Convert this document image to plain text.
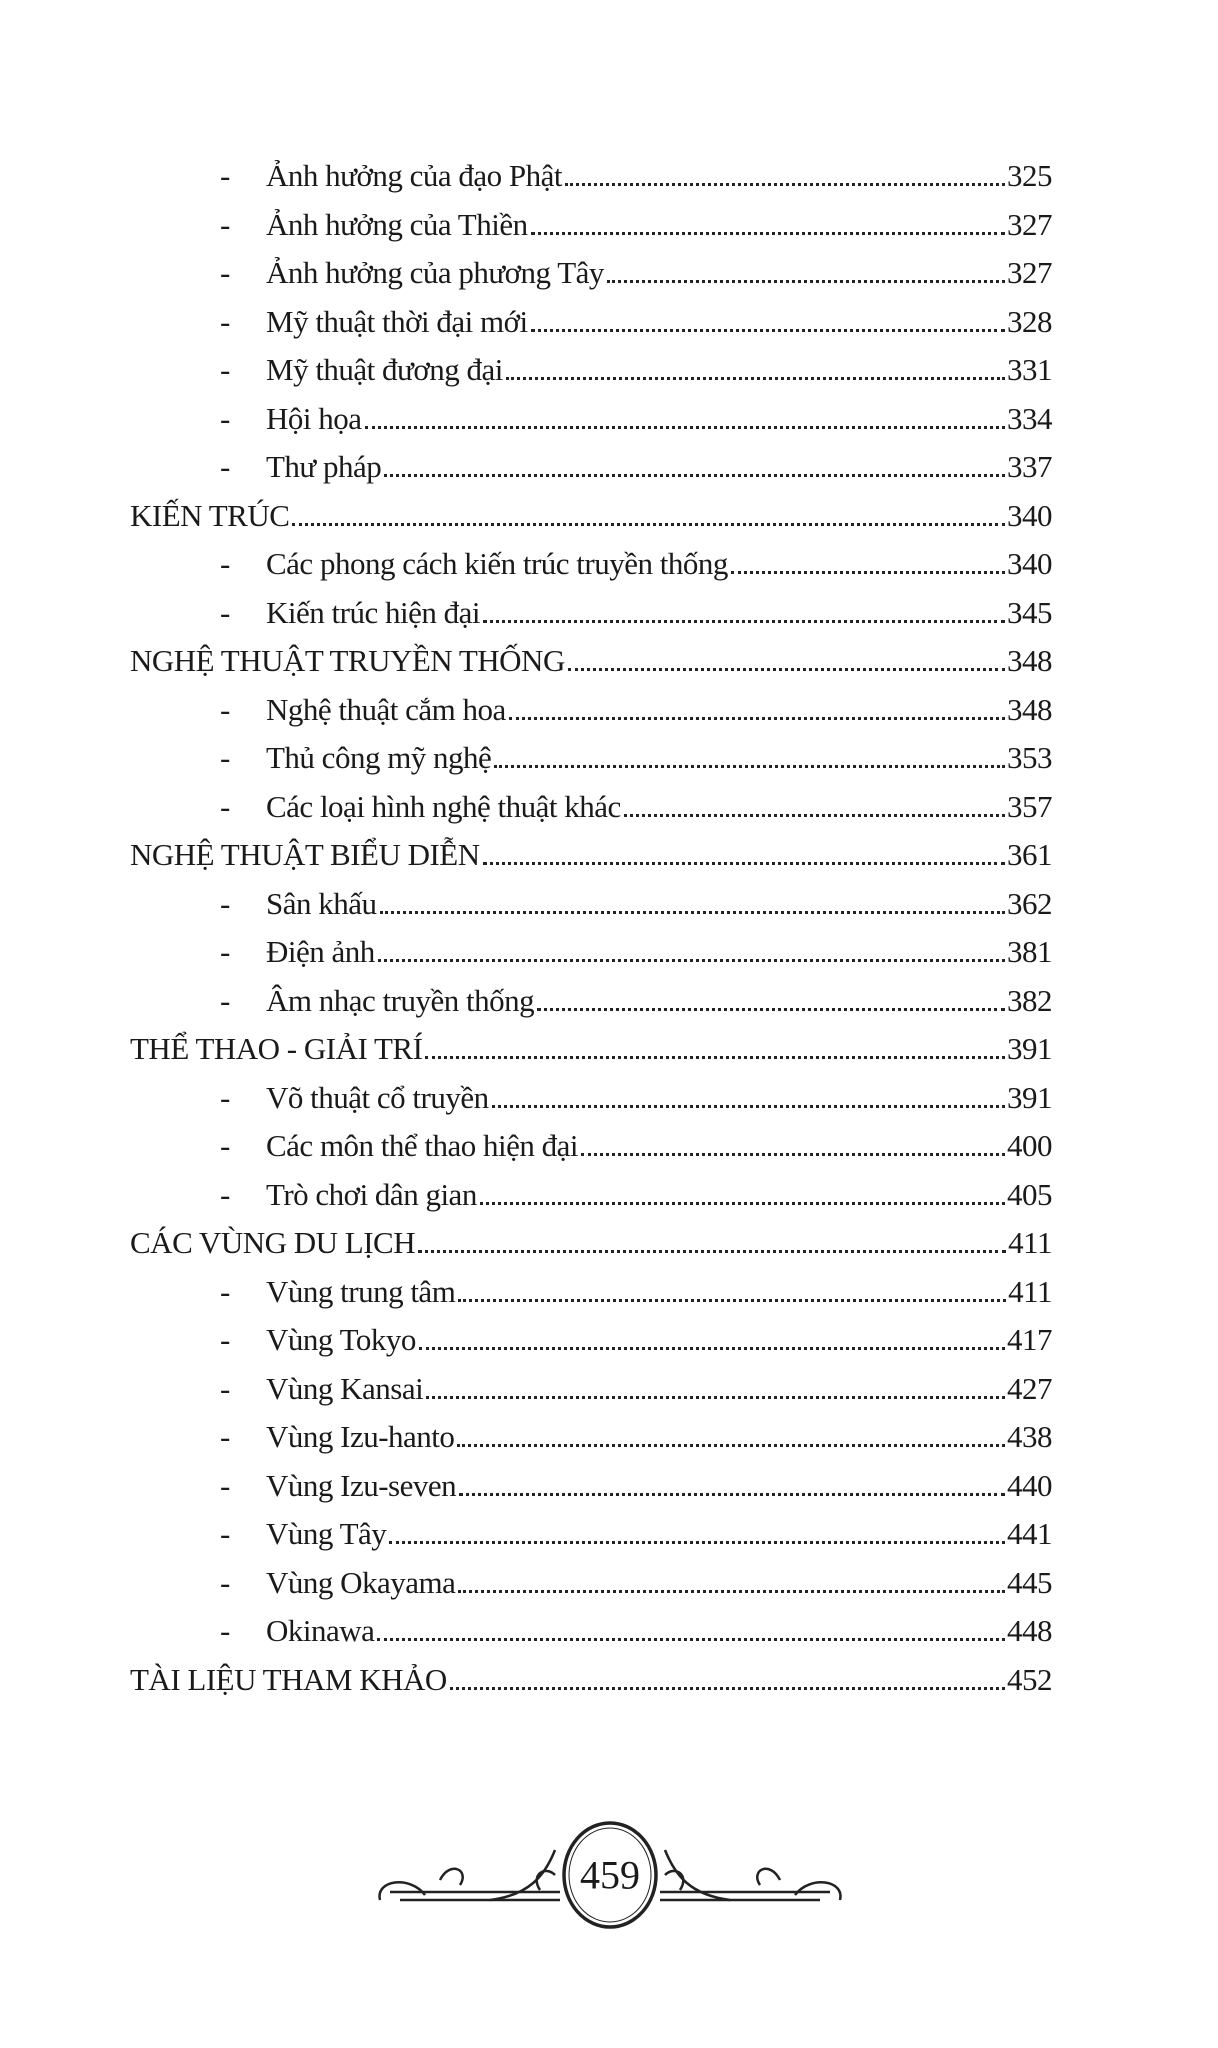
-	Ảnh hưởng của đạo Phật	325
-	Ảnh hưởng của Thiền	327
-	Ảnh hưởng của phương Tây	327
-	Mỹ thuật thời đại mới	328
-	Mỹ thuật đương đại	331
-	Hội họa	334
-	Thư pháp	337
KIẾN TRÚC	340
-	Các phong cách kiến trúc truyền thống	340
-	Kiến trúc hiện đại	345
NGHỆ THUẬT TRUYỀN THỐNG	348
-	Nghệ thuật cắm hoa	348
-	Thủ công mỹ nghệ	353
-	Các loại hình nghệ thuật khác	357
NGHỆ THUẬT BIỂU DIỄN	361
-	Sân khấu	362
-	Điện ảnh	381
-	Âm nhạc truyền thống	382
THỂ THAO - GIẢI TRÍ	391
-	Võ thuật cổ truyền	391
-	Các môn thể thao hiện đại	400
-	Trò chơi dân gian	405
CÁC VÙNG DU LỊCH	411
-	Vùng trung tâm	411
-	Vùng Tokyo	417
-	Vùng Kansai	427
-	Vùng Izu-hanto	438
-	Vùng Izu-seven	440
-	Vùng Tây	441
-	Vùng Okayama	445
-	Okinawa	448
TÀI LIỆU THAM KHẢO	452
459
